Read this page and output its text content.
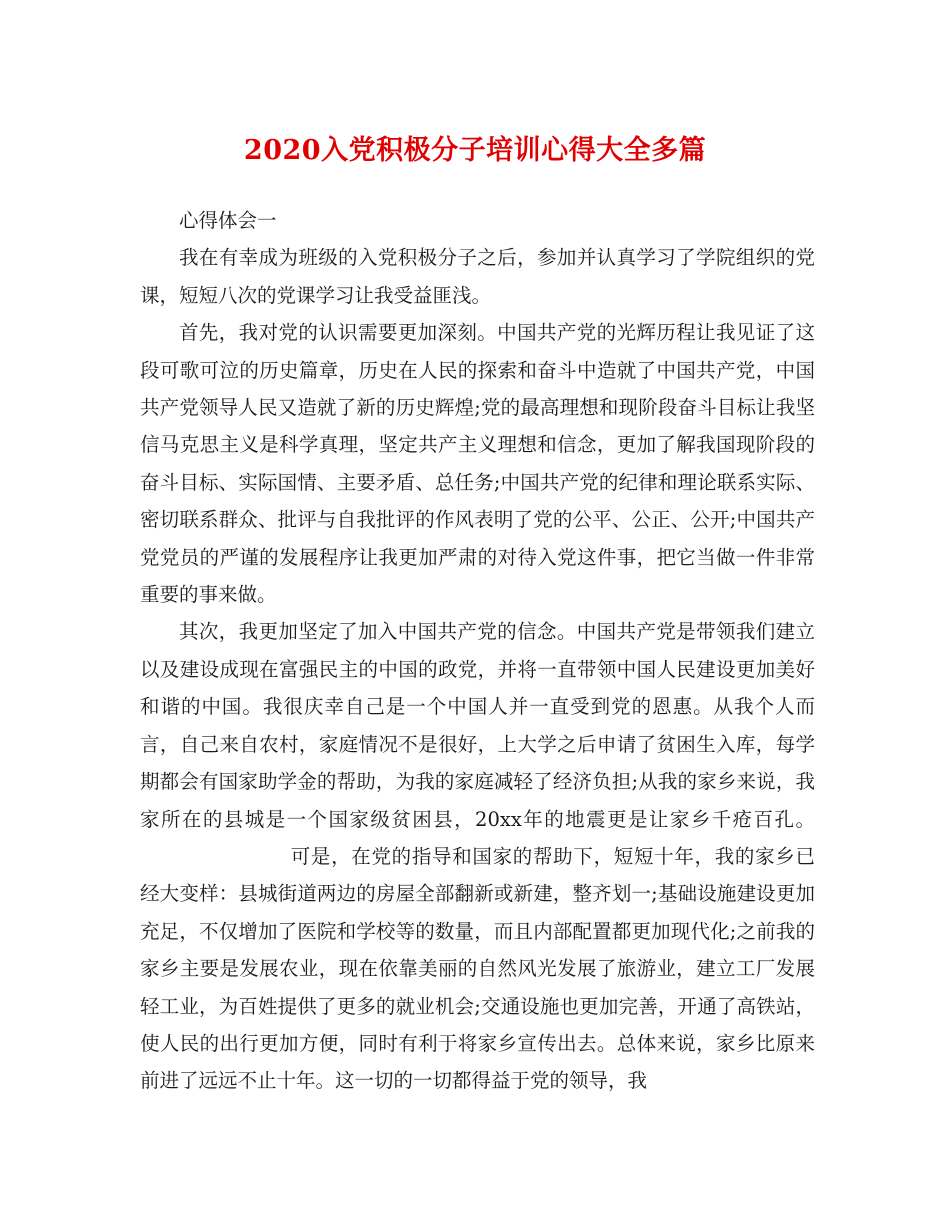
2020入党积极分子培训心得大全多篇

心得体会一

我在有幸成为班级的入党积极分子之后，参加并认真学习了学院组织的党课，短短八次的党课学习让我受益匪浅。

首先，我对党的认识需要更加深刻。中国共产党的光辉历程让我见证了这段可歌可泣的历史篇章，历史在人民的探索和奋斗中造就了中国共产党，中国共产党领导人民又造就了新的历史辉煌;党的最高理想和现阶段奋斗目标让我坚信马克思主义是科学真理，坚定共产主义理想和信念，更加了解我国现阶段的奋斗目标、实际国情、主要矛盾、总任务;中国共产党的纪律和理论联系实际、密切联系群众、批评与自我批评的作风表明了党的公平、公正、公开;中国共产党党员的严谨的发展程序让我更加严肃的对待入党这件事，把它当做一件非常重要的事来做。

其次，我更加坚定了加入中国共产党的信念。中国共产党是带领我们建立以及建设成现在富强民主的中国的政党，并将一直带领中国人民建设更加美好和谐的中国。我很庆幸自己是一个中国人并一直受到党的恩惠。从我个人而言，自己来自农村，家庭情况不是很好，上大学之后申请了贫困生入库，每学期都会有国家助学金的帮助，为我的家庭减轻了经济负担;从我的家乡来说，我家所在的县城是一个国家级贫困县，20xx年的地震更是让家乡千疮百孔。可是，在党的指导和国家的帮助下，短短十年，我的家乡已经大变样：县城街道两边的房屋全部翻新或新建，整齐划一;基础设施建设更加充足，不仅增加了医院和学校等的数量，而且内部配置都更加现代化;之前我的家乡主要是发展农业，现在依靠美丽的自然风光发展了旅游业，建立工厂发展轻工业，为百姓提供了更多的就业机会;交通设施也更加完善，开通了高铁站，使人民的出行更加方便，同时有利于将家乡宣传出去。总体来说，家乡比原来前进了远远不止十年。这一切的一切都得益于党的领导，我
